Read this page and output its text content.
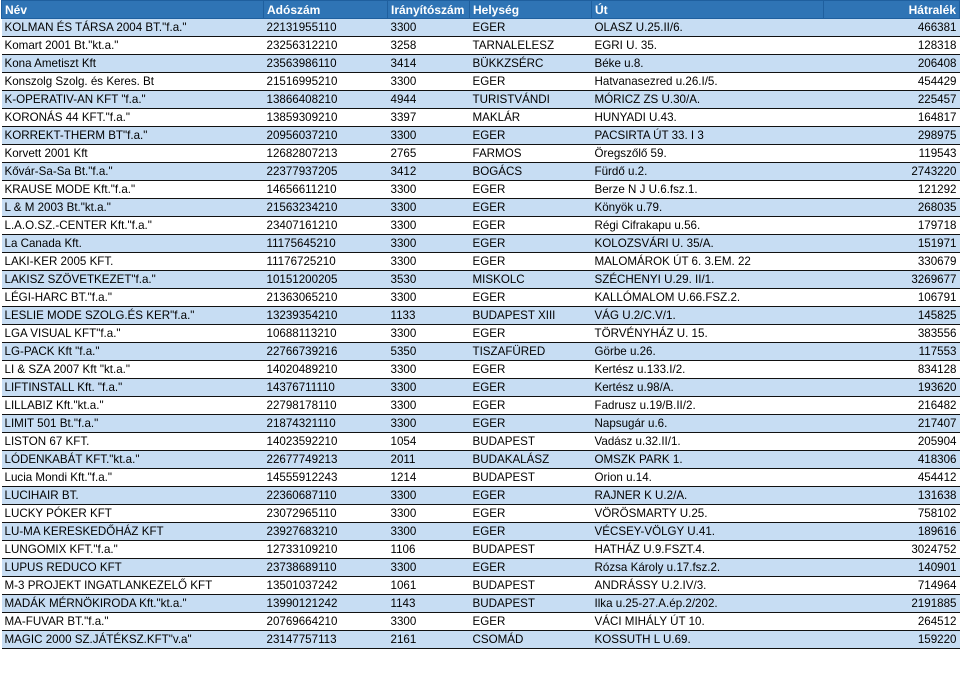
Név	Adószám	Irányítószám	Helység	Út	Hátralék
KOLMAN ÉS TÁRSA 2004 BT."f.a."	22131955110	3300	EGER	OLASZ U.25.II/6.	466381
Komart 2001 Bt."kt.a."	23256312210	3258	TARNALELESZ	EGRI U. 35.	128318
Kona Ametiszt Kft	23563986110	3414	BÜKKZSÉRC	Béke u.8.	206408
Konszolg Szolg. és Keres. Bt	21516995210	3300	EGER	Hatvanasezred u.26.I/5.	454429
K-OPERATIV-AN KFT "f.a."	13866408210	4944	TURISTVÁNDI	MÓRICZ ZS U.30/A.	225457
KORONÁS 44 KFT."f.a."	13859309210	3397	MAKLÁR	HUNYADI U.43.	164817
KORREKT-THERM BT"f.a."	20956037210	3300	EGER	PACSIRTA ÚT 33. I 3	298975
Korvett 2001 Kft	12682807213	2765	FARMOS	Öregszőlő 59.	119543
Kővár-Sa-Sa Bt."f.a."	22377937205	3412	BOGÁCS	Fürdő u.2.	2743220
KRAUSE MODE Kft."f.a."	14656611210	3300	EGER	Berze N J U.6.fsz.1.	121292
L & M 2003 Bt."kt.a."	21563234210	3300	EGER	Könyök u.79.	268035
L.A.O.SZ.-CENTER Kft."f.a."	23407161210	3300	EGER	Régi Cifrakapu u.56.	179718
La Canada Kft.	11175645210	3300	EGER	KOLOZSVÁRI U. 35/A.	151971
LAKI-KER 2005 KFT.	11176725210	3300	EGER	MALOMÁROK ÚT 6. 3.EM. 22	330679
LAKISZ SZÖVETKEZET"f.a."	10151200205	3530	MISKOLC	SZÉCHENYI U.29. II/1.	3269677
LÉGI-HARC BT."f.a."	21363065210	3300	EGER	KALLÓMALOM U.66.FSZ.2.	106791
LESLIE MODE SZOLG.ÉS KER"f.a."	13239354210	1133	BUDAPEST XIII	VÁG U.2/C.V/1.	145825
LGA VISUAL KFT"f.a."	10688113210	3300	EGER	TÖRVÉNYHÁZ U. 15.	383556
LG-PACK Kft "f.a."	22766739216	5350	TISZAFÜRED	Görbe u.26.	117553
LI & SZA 2007 Kft "kt.a."	14020489210	3300	EGER	Kertész u.133.I/2.	834128
LIFTINSTALL Kft. "f.a."	14376711110	3300	EGER	Kertész u.98/A.	193620
LILLABIZ Kft."kt.a."	22798178110	3300	EGER	Fadrusz u.19/B.II/2.	216482
LIMIT 501 Bt."f.a."	21874321110	3300	EGER	Napsugár u.6.	217407
LISTON 67 KFT.	14023592210	1054	BUDAPEST	Vadász u.32.II/1.	205904
LÓDENKABÁT KFT."kt.a."	22677749213	2011	BUDAKALÁSZ	OMSZK PARK 1.	418306
Lucia Mondi Kft."f.a."	14555912243	1214	BUDAPEST	Orion u.14.	454412
LUCIHAIR BT.	22360687110	3300	EGER	RAJNER K U.2/A.	131638
LUCKY PÓKER KFT	23072965110	3300	EGER	VÖRÖSMARTY U.25.	758102
LU-MA KERESKEDŐHÁZ KFT	23927683210	3300	EGER	VÉCSEY-VÖLGY U.41.	189616
LUNGOMIX KFT."f.a."	12733109210	1106	BUDAPEST	HATHÁZ U.9.FSZT.4.	3024752
LUPUS REDUCO KFT	23738689110	3300	EGER	Rózsa Károly u.17.fsz.2.	140901
M-3 PROJEKT INGATLANKEZELŐ KFT	13501037242	1061	BUDAPEST	ANDRÁSSY U.2.IV/3.	714964
MADÁK MÉRNÖKIRODA Kft."kt.a."	13990121242	1143	BUDAPEST	Ilka u.25-27.A.ép.2/202.	2191885
MA-FUVAR BT."f.a."	20769664210	3300	EGER	VÁCI MIHÁLY ÚT 10.	264512
MAGIC 2000 SZ.JÁTÉKSZ.KFT"v.a"	23147757113	2161	CSOMÁD	KOSSUTH L U.69.	159220
